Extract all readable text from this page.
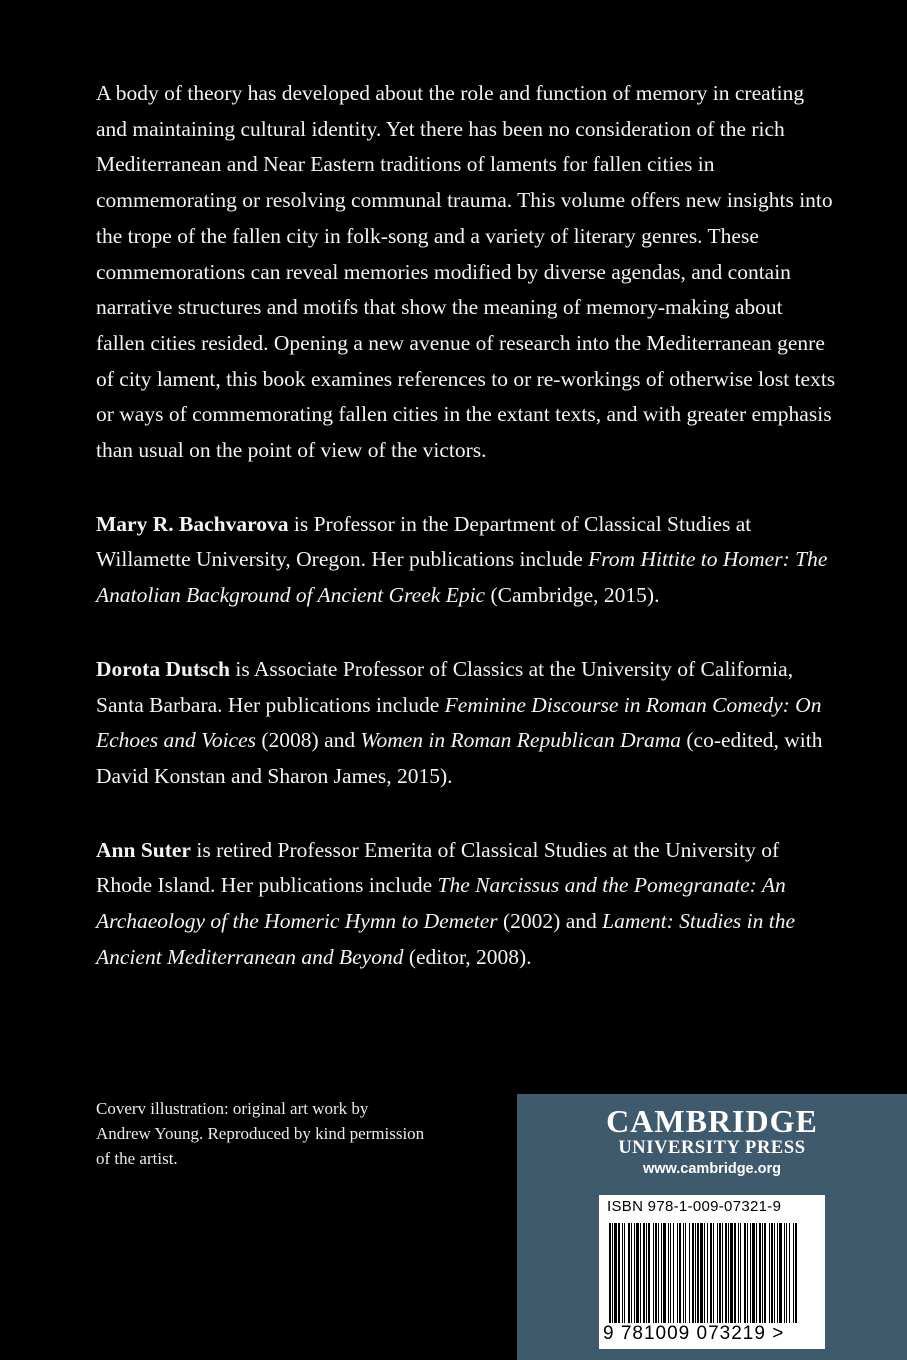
A body of theory has developed about the role and function of memory in creating and maintaining cultural identity. Yet there has been no consideration of the rich Mediterranean and Near Eastern traditions of laments for fallen cities in commemorating or resolving communal trauma. This volume offers new insights into the trope of the fallen city in folk-song and a variety of literary genres. These commemorations can reveal memories modified by diverse agendas, and contain narrative structures and motifs that show the meaning of memory-making about fallen cities resided. Opening a new avenue of research into the Mediterranean genre of city lament, this book examines references to or re-workings of otherwise lost texts or ways of commemorating fallen cities in the extant texts, and with greater emphasis than usual on the point of view of the victors.

Mary R. Bachvarova is Professor in the Department of Classical Studies at Willamette University, Oregon. Her publications include From Hittite to Homer: The Anatolian Background of Ancient Greek Epic (Cambridge, 2015).

Dorota Dutsch is Associate Professor of Classics at the University of California, Santa Barbara. Her publications include Feminine Discourse in Roman Comedy: On Echoes and Voices (2008) and Women in Roman Republican Drama (co-edited, with David Konstan and Sharon James, 2015).

Ann Suter is retired Professor Emerita of Classical Studies at the University of Rhode Island. Her publications include The Narcissus and the Pomegranate: An Archaeology of the Homeric Hymn to Demeter (2002) and Lament: Studies in the Ancient Mediterranean and Beyond (editor, 2008).

Coverv illustration: original art work by Andrew Young. Reproduced by kind permission of the artist.
CAMBRIDGE
UNIVERSITY PRESS
www.cambridge.org
ISBN 978-1-009-07321-9
9 781009 073219 >
